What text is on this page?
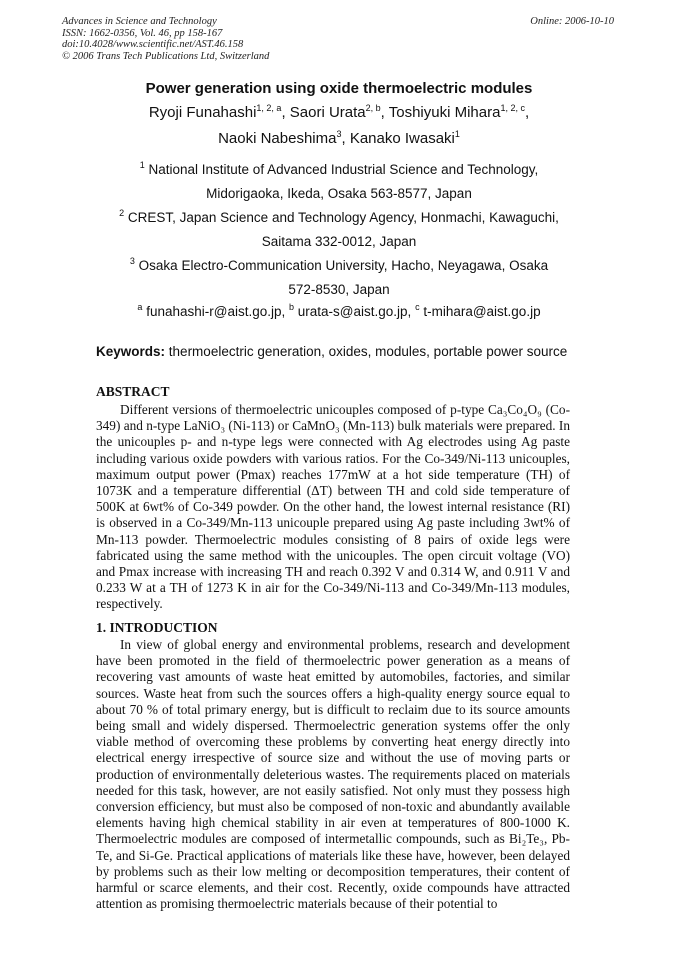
Advances in Science and Technology
ISSN: 1662-0356, Vol. 46, pp 158-167
doi:10.4028/www.scientific.net/AST.46.158
© 2006 Trans Tech Publications Ltd, Switzerland
Online: 2006-10-10
Power generation using oxide thermoelectric modules
Ryoji Funahashi$^{1, 2, a}$, Saori Urata$^{2, b}$, Toshiyuki Mihara$^{1, 2, c}$,
Naoki Nabeshima$^3$, Kanako Iwasaki$^1$
$^1$ National Institute of Advanced Industrial Science and Technology,
Midorigaoka, Ikeda, Osaka 563-8577, Japan
$^2$ CREST, Japan Science and Technology Agency, Honmachi, Kawaguchi,
Saitama 332-0012, Japan
$^3$ Osaka Electro-Communication University, Hacho, Neyagawa, Osaka
572-8530, Japan
$^a$ funahashi-r@aist.go.jp, $^b$ urata-s@aist.go.jp, $^c$ t-mihara@aist.go.jp
Keywords: thermoelectric generation, oxides, modules, portable power source
ABSTRACT
Different versions of thermoelectric unicouples composed of p-type Ca₃Co₄O₉ (Co-349) and n-type LaNiO₃ (Ni-113) or CaMnO₃ (Mn-113) bulk materials were prepared. In the unicouples p- and n-type legs were connected with Ag electrodes using Ag paste including various oxide powders with various ratios. For the Co-349/Ni-113 unicouples, maximum output power (Pmax) reaches 177mW at a hot side temperature (TH) of 1073K and a temperature differential (ΔT) between TH and cold side temperature of 500K at 6wt% of Co-349 powder. On the other hand, the lowest internal resistance (RI) is observed in a Co-349/Mn-113 unicouple prepared using Ag paste including 3wt% of Mn-113 powder. Thermoelectric modules consisting of 8 pairs of oxide legs were fabricated using the same method with the unicouples. The open circuit voltage (VO) and Pmax increase with increasing TH and reach 0.392 V and 0.314 W, and 0.911 V and 0.233 W at a TH of 1273 K in air for the Co-349/Ni-113 and Co-349/Mn-113 modules, respectively.
1. INTRODUCTION
In view of global energy and environmental problems, research and development have been promoted in the field of thermoelectric power generation as a means of recovering vast amounts of waste heat emitted by automobiles, factories, and similar sources. Waste heat from such the sources offers a high-quality energy source equal to about 70 % of total primary energy, but is difficult to reclaim due to its source amounts being small and widely dispersed. Thermoelectric generation systems offer the only viable method of overcoming these problems by converting heat energy directly into electrical energy irrespective of source size and without the use of moving parts or production of environmentally deleterious wastes. The requirements placed on materials needed for this task, however, are not easily satisfied. Not only must they possess high conversion efficiency, but must also be composed of non-toxic and abundantly available elements having high chemical stability in air even at temperatures of 800-1000 K. Thermoelectric modules are composed of intermetallic compounds, such as Bi₂Te₃, Pb-Te, and Si-Ge. Practical applications of materials like these have, however, been delayed by problems such as their low melting or decomposition temperatures, their content of harmful or scarce elements, and their cost. Recently, oxide compounds have attracted attention as promising thermoelectric materials because of their potential to
